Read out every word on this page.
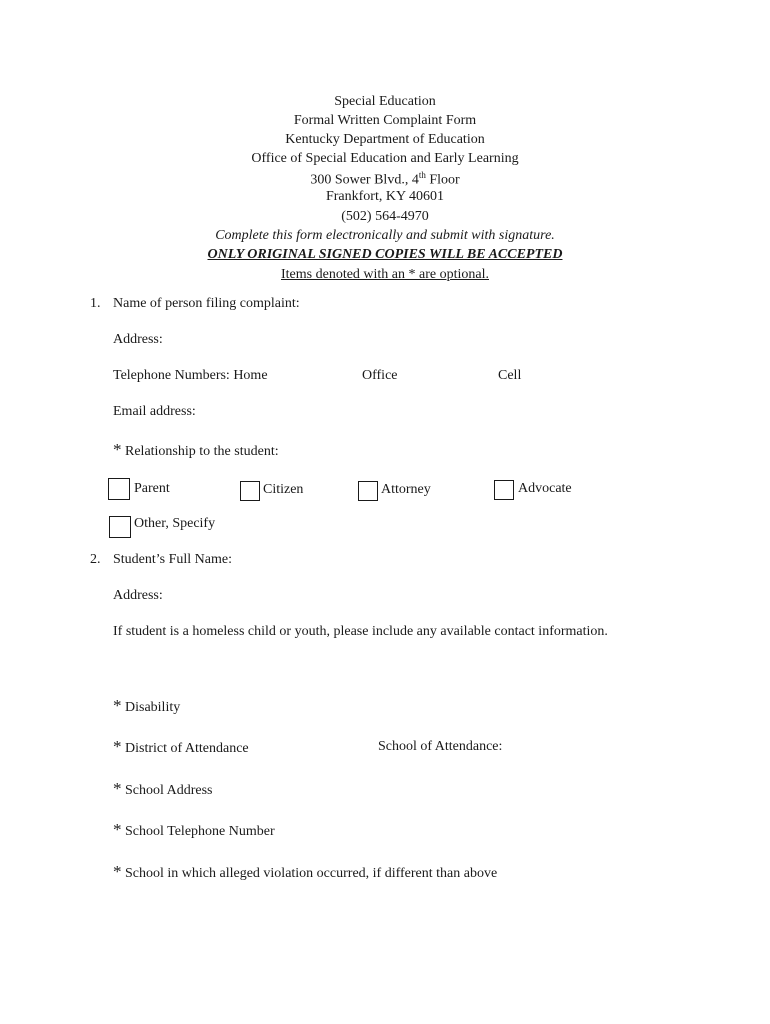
Special Education
Formal Written Complaint Form
Kentucky Department of Education
Office of Special Education and Early Learning
300 Sower Blvd., 4th Floor
Frankfort, KY 40601
(502) 564-4970
Complete this form electronically and submit with signature.
ONLY ORIGINAL SIGNED COPIES WILL BE ACCEPTED
Items denoted with an * are optional.
1. Name of person filing complaint:
Address:
Telephone Numbers: Home	Office	Cell
Email address:
* Relationship to the student:
Parent	Citizen	Attorney	Advocate
Other, Specify
2. Student’s Full Name:
Address:
If student is a homeless child or youth, please include any available contact information.
* Disability
* District of Attendance	School of Attendance:
* School Address
* School Telephone Number
* School in which alleged violation occurred, if different than above
